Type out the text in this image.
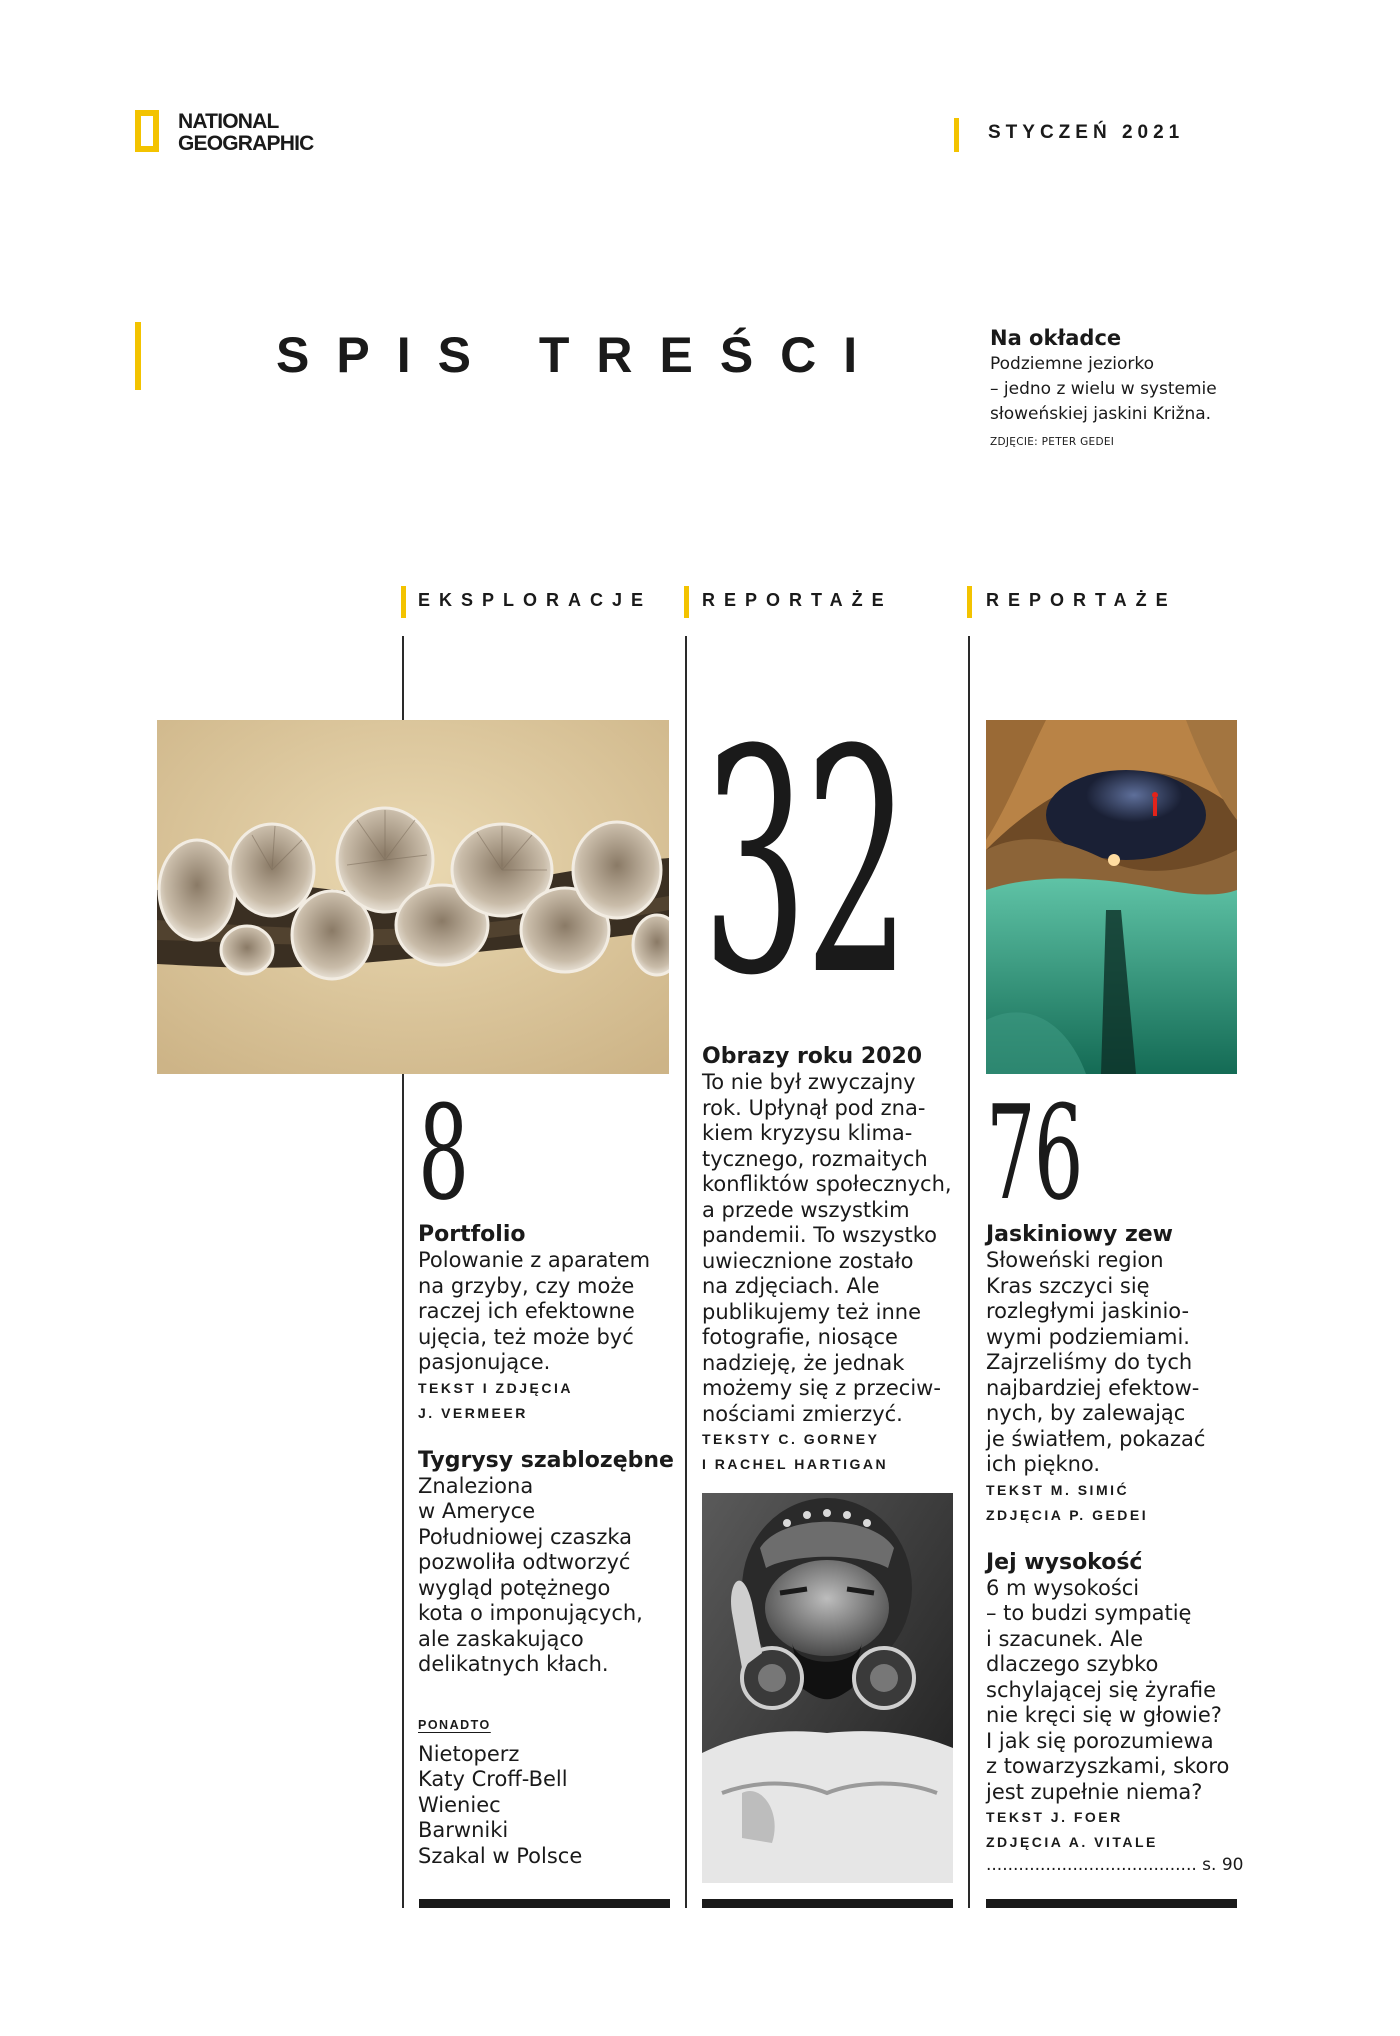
NATIONAL
GEOGRAPHIC	STYCZEŃ 2021
SPIS TREŚCI	Na okładce
Podziemne jeziorko
– jedno z wielu w systemie
słoweńskiej jaskini Križna.
ZDJĘCIE: PETER GEDEI
EKSPLORACJE	REPORTAŻE	REPORTAŻE
8
Portfolio
Polowanie z aparatem
na grzyby, czy może
raczej ich efektowne
ujęcia, też może być
pasjonujące.
TEKST I ZDJĘCIA
J. VERMEER
Tygrysy szablozębne
Znaleziona
w Ameryce
Południowej czaszka
pozwoliła odtworzyć
wygląd potężnego
kota o imponujących,
ale zaskakująco
delikatnych kłach.
PONADTO
Nietoperz
Katy Croff-Bell
Wieniec
Barwniki
Szakal w Polsce
32
Obrazy roku 2020
To nie był zwyczajny
rok. Upłynął pod zna-
kiem kryzysu klima-
tycznego, rozmaitych
konfliktów społecznych,
a przede wszystkim
pandemii. To wszystko
uwiecznione zostało
na zdjęciach. Ale
publikujemy też inne
fotografie, niosące
nadzieję, że jednak
możemy się z przeciw-
nościami zmierzyć.
TEKSTY C. GORNEY
I RACHEL HARTIGAN
76
Jaskiniowy zew
Słoweński region
Kras szczyci się
rozległymi jaskinio-
wymi podziemiami.
Zajrzeliśmy do tych
najbardziej efektow-
nych, by zalewając
je światłem, pokazać
ich piękno.
TEKST M. SIMIĆ
ZDJĘCIA P. GEDEI
Jej wysokość
6 m wysokości
– to budzi sympatię
i szacunek. Ale
dlaczego szybko
schylającej się żyrafie
nie kręci się w głowie?
I jak się porozumiewa
z towarzyszkami, skoro
jest zupełnie niema?
TEKST J. FOER
ZDJĘCIA A. VITALE
....................................... s. 90
